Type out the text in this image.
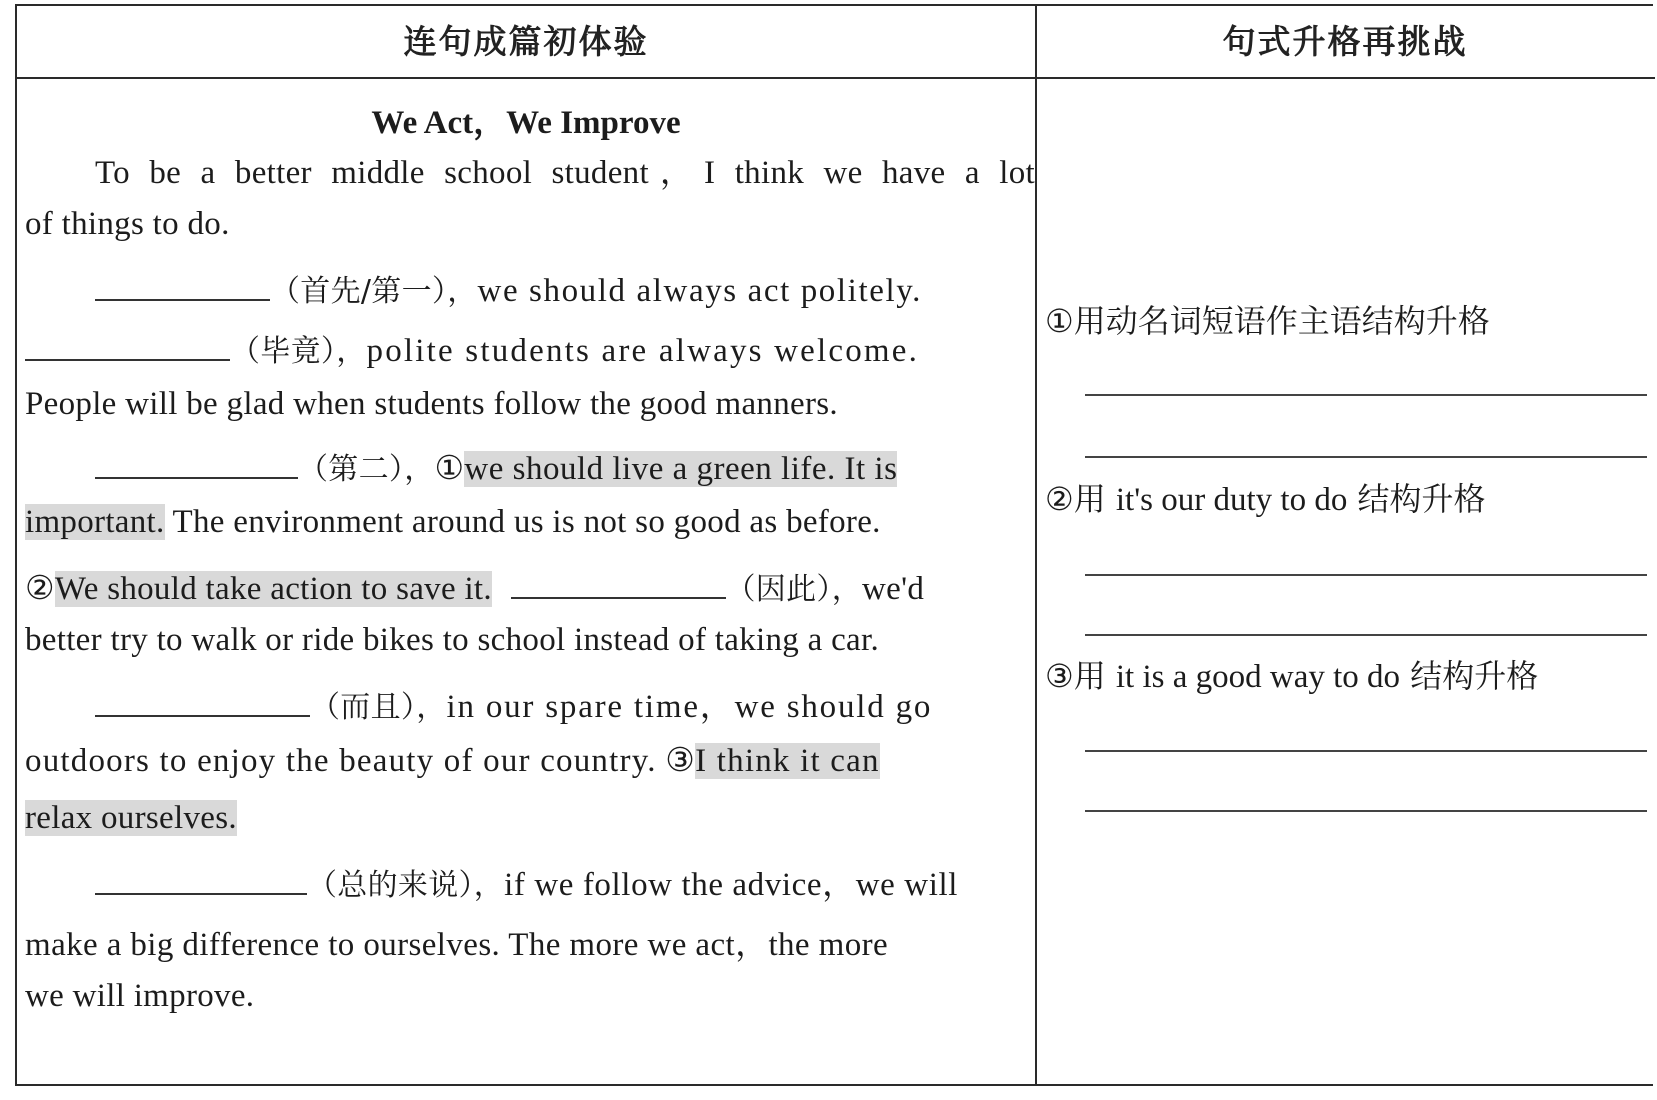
连句成篇初体验	句式升格再挑战
We Act，We Improve
To be a better middle school student，I think we have a lot
of things to do.
（首先/第一），we should always act politely.
（毕竟），polite students are always welcome.
People will be glad when students follow the good manners.
（第二），①we should live a green life. It is
important. The environment around us is not so good as before.
②We should take action to save it.	（因此），we'd
better try to walk or ride bikes to school instead of taking a car.
（而且），in our spare time，we should go
outdoors to enjoy the beauty of our country. ③I think it can
relax ourselves.
（总的来说），if we follow the advice，we will
make a big difference to ourselves. The more we act，the more
we will improve.
①用动名词短语作主语结构升格
②用 it's our duty to do 结构升格
③用 it is a good way to do 结构升格
